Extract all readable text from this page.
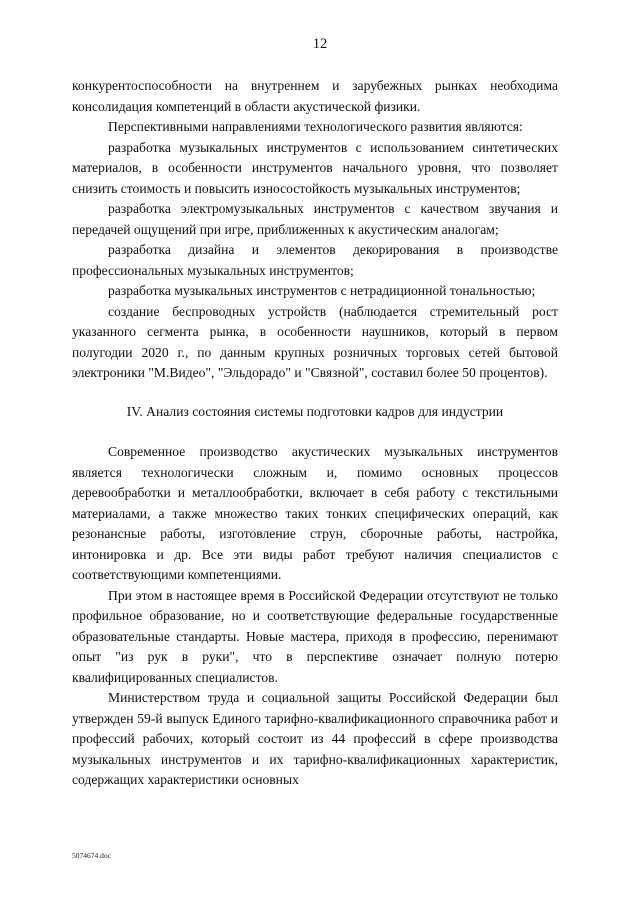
12

конкурентоспособности на внутреннем и зарубежных рынках необходима консолидация компетенций в области акустической физики.

Перспективными направлениями технологического развития являются:

разработка музыкальных инструментов с использованием синтетических материалов, в особенности инструментов начального уровня, что позволяет снизить стоимость и повысить износостойкость музыкальных инструментов;

разработка электромузыкальных инструментов с качеством звучания и передачей ощущений при игре, приближенных к акустическим аналогам;

разработка дизайна и элементов декорирования в производстве профессиональных музыкальных инструментов;

разработка музыкальных инструментов с нетрадиционной тональностью;

создание беспроводных устройств (наблюдается стремительный рост указанного сегмента рынка, в особенности наушников, который в первом полугодии 2020 г., по данным крупных розничных торговых сетей бытовой электроники "М.Видео", "Эльдорадо" и "Связной", составил более 50 процентов).

IV. Анализ состояния системы подготовки кадров для индустрии

Современное производство акустических музыкальных инструментов является технологически сложным и, помимо основных процессов деревообработки и металлообработки, включает в себя работу с текстильными материалами, а также множество таких тонких специфических операций, как резонансные работы, изготовление струн, сборочные работы, настройка, интонировка и др. Все эти виды работ требуют наличия специалистов с соответствующими компетенциями.

При этом в настоящее время в Российской Федерации отсутствуют не только профильное образование, но и соответствующие федеральные государственные образовательные стандарты. Новые мастера, приходя в профессию, перенимают опыт "из рук в руки", что в перспективе означает полную потерю квалифицированных специалистов.

Министерством труда и социальной защиты Российской Федерации был утвержден 59-й выпуск Единого тарифно-квалификационного справочника работ и профессий рабочих, который состоит из 44 профессий в сфере производства музыкальных инструментов и их тарифно-квалификационных характеристик, содержащих характеристики основных

5074674.doc
